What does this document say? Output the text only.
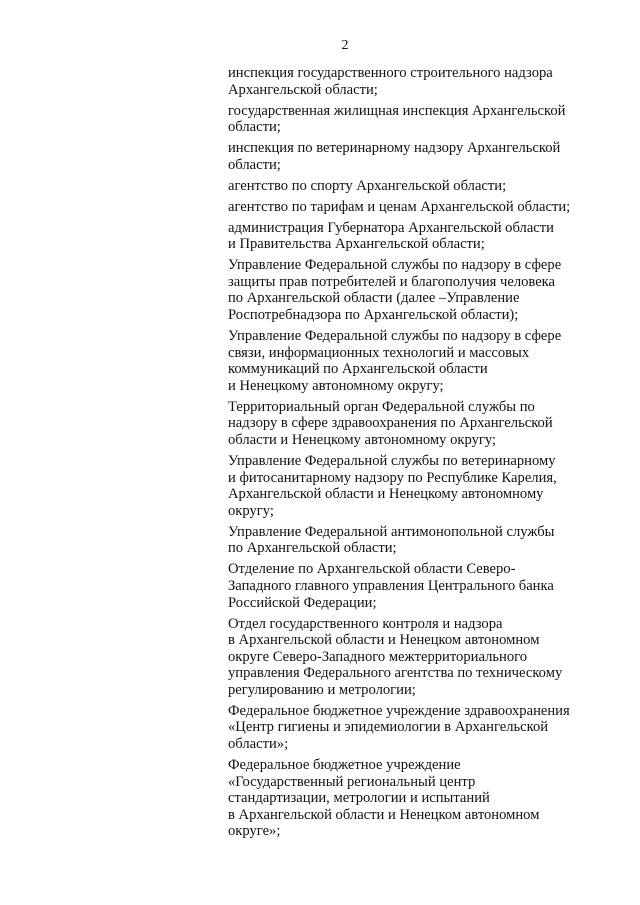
2

инспекция государственного строительного надзора
Архангельской области;

государственная жилищная инспекция Архангельской
области;

инспекция по ветеринарному надзору Архангельской
области;

агентство по спорту Архангельской области;

агентство по тарифам и ценам Архангельской области;

администрация Губернатора Архангельской области
и Правительства Архангельской области;

Управление Федеральной службы по надзору в сфере
защиты прав потребителей и благополучия человека
по Архангельской области (далее –Управление
Роспотребнадзора по Архангельской области);

Управление Федеральной службы по надзору в сфере
связи, информационных технологий и массовых
коммуникаций по Архангельской области
и Ненецкому автономному округу;

Территориальный орган Федеральной службы по
надзору в сфере здравоохранения по Архангельской
области и Ненецкому автономному округу;

Управление Федеральной службы по ветеринарному
и фитосанитарному надзору по Республике Карелия,
Архангельской области и Ненецкому автономному
округу;

Управление Федеральной антимонопольной службы
по Архангельской области;

Отделение по Архангельской области Северо-
Западного главного управления Центрального банка
Российской Федерации;

Отдел государственного контроля и надзора
в Архангельской области и Ненецком автономном
округе Северо-Западного межтерриториального
управления Федерального агентства по техническому
регулированию и метрологии;

Федеральное бюджетное учреждение здравоохранения
«Центр гигиены и эпидемиологии в Архангельской
области»;

Федеральное бюджетное учреждение
«Государственный региональный центр
стандартизации, метрологии и испытаний
в Архангельской области и Ненецком автономном
округе»;
